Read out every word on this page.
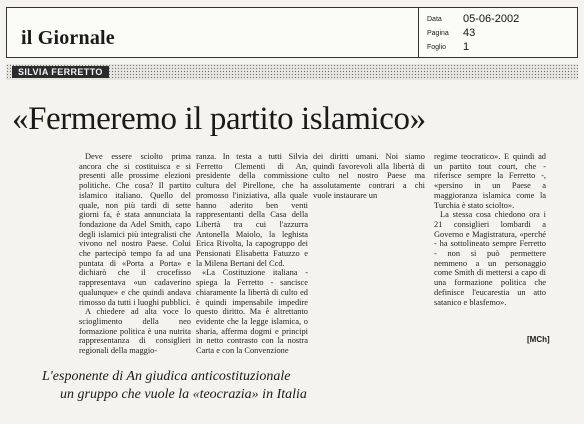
il Giornale
Data 05-06-2002
Pagina 43
Foglio 1
SILVIA FERRETTO
«Fermeremo il partito islamico»

Deve essere sciolto prima ancora che si costituisca e si presenti alle prossime elezioni politiche. Che cosa? Il partito islamico italiano. Quello del quale, non più tardi di sette giorni fa, è stata annunciata la fondazione da Adel Smith, capo degli islamici più integralisti che vivono nel nostro Paese. Colui che partecipò tempo fa ad una puntata di «Porta a Porta» e dichiarò che il crocefisso rappresentava «un cadaverino qualunque» e che quindi andava rimosso da tutti i luoghi pubblici.

A chiedere ad alta voce lo scioglimento della neo formazione politica è una nutrita rappresentanza di consiglieri regionali della maggio-

ranza. In testa a tutti Silvia Ferretto Clementi di An, presidente della commissione cultura del Pirellone, che ha promosso l'iniziativa, alla quale hanno aderito ben venti rappresentanti della Casa della Libertà tra cui l'azzurra Antonella Maiolo, la leghista Erica Rivolta, la capogruppo dei Pensionati Elisabetta Fatuzzo e la Milena Bertani del Ccd.

«La Costituzione italiana - spiega la Ferretto - sancisce chiaramente la libertà di culto ed è quindi impensabile impedire questo diritto. Ma è altrettanto evidente che la legge islamica, o sharia, afferma dogmi e principi in netto contrasto con la nostra Carta e con la Convenzione

dei diritti umani. Noi siamo quindi favorevoli alla libertà di culto nel nostro Paese ma assolutamente contrari a chi vuole instaurare un

regime teocratico». E quindi ad un partito tout court, che - riferisce sempre la Ferretto -, «persino in un Paese a maggioranza islamica come la Turchia è stato sciolto».

La stessa cosa chiedono ora i 21 consiglieri lombardi a Governo e Magistratura, «perché - ha sottolineato sempre Ferretto - non si può permettere nemmeno a un personaggio come Smith di mettersi a capo di una formazione politica che definisce l'eucarestia un atto satanico e blasfemo».

[MCh]
L'esponente di An giudica anticostituzionale
un gruppo che vuole la «teocrazia» in Italia
